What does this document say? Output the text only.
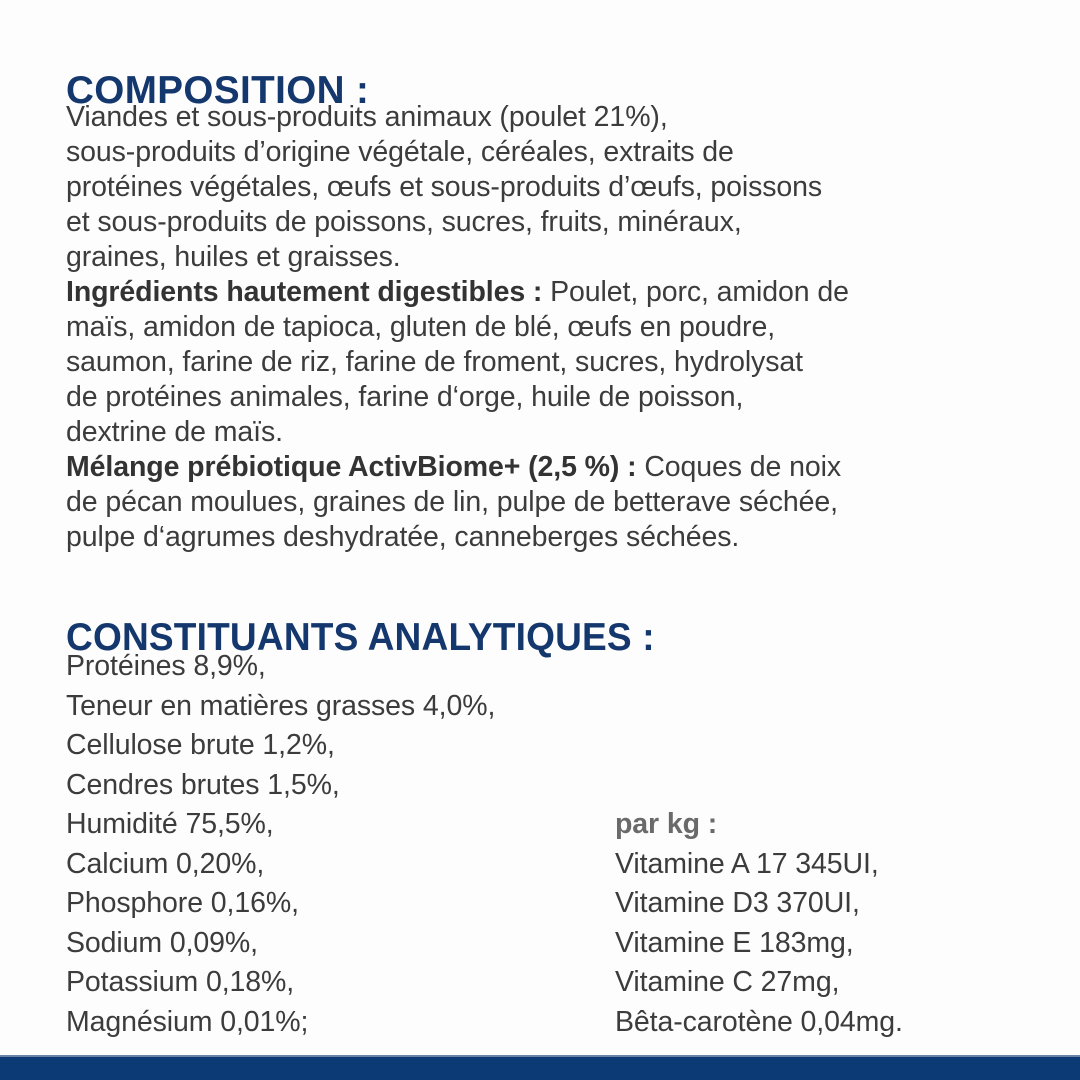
COMPOSITION :
Viandes et sous-produits animaux (poulet 21%),
sous-produits d’origine végétale, céréales, extraits de
protéines végétales, œufs et sous-produits d’œufs, poissons
et sous-produits de poissons, sucres, fruits, minéraux,
graines, huiles et graisses.
Ingrédients hautement digestibles : Poulet, porc, amidon de
maïs, amidon de tapioca, gluten de blé, œufs en poudre,
saumon, farine de riz, farine de froment, sucres, hydrolysat
de protéines animales, farine d‘orge, huile de poisson,
dextrine de maïs.
Mélange prébiotique ActivBiome+ (2,5 %) : Coques de noix
de pécan moulues, graines de lin, pulpe de betterave séchée,
pulpe d‘agrumes deshydratée, canneberges séchées.
CONSTITUANTS ANALYTIQUES :
Protéines 8,9%,
Teneur en matières grasses 4,0%,
Cellulose brute 1,2%,
Cendres brutes 1,5%,
Humidité 75,5%,
Calcium 0,20%,
Phosphore 0,16%,
Sodium 0,09%,
Potassium 0,18%,
Magnésium 0,01%;
par kg :
Vitamine A 17 345UI,
Vitamine D3 370UI,
Vitamine E 183mg,
Vitamine C 27mg,
Bêta-carotène 0,04mg.
